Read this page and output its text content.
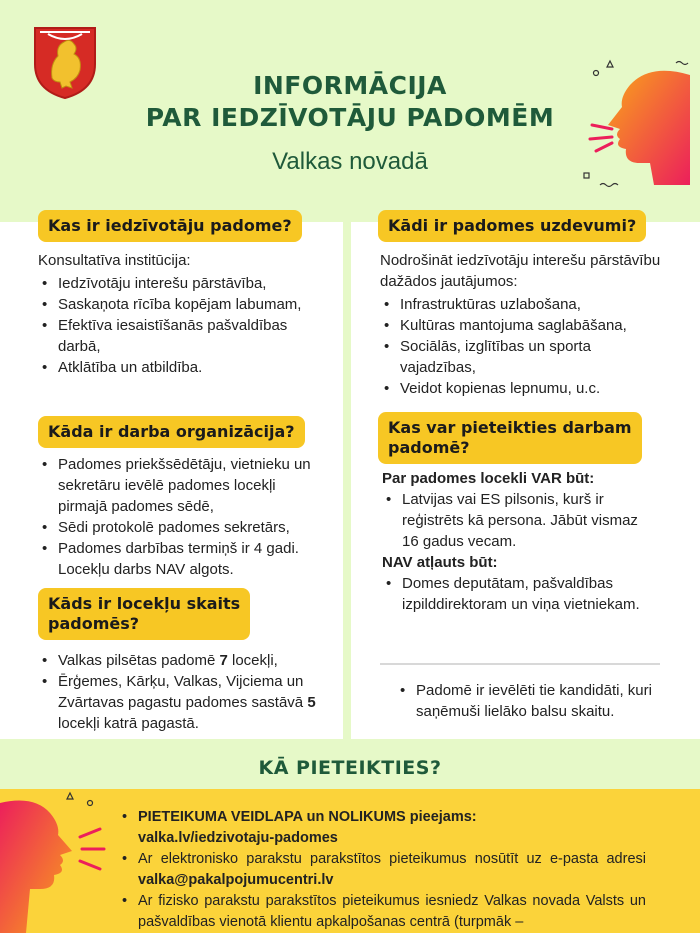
INFORMĀCIJA
PAR IEDZĪVOTĀJU PADOMĒM
Valkas novadā
Kas ir iedzīvotāju padome?
Konsultatīva institūcija:
• Iedzīvotāju interešu pārstāvība,
• Saskaņota rīcība kopējam labumam,
• Efektīva iesaistīšanās pašvaldības darbā,
• Atklātība un atbildība.
Kāda ir darba organizācija?
• Padomes priekšsēdētāju, vietnieku un sekretāru ievēlē padomes locekļi pirmajā padomes sēdē,
• Sēdi protokolē padomes sekretārs,
• Padomes darbības termiņš ir 4 gadi. Locekļu darbs NAV algots.
Kāds ir locekļu skaits
padomēs?
• Valkas pilsētas padomē 7 locekļi,
• Ērģemes, Kārķu, Valkas, Vijciema un Zvārtavas pagastu padomes sastāvā 5 locekļi katrā pagastā.
Kādi ir padomes uzdevumi?
Nodrošināt iedzīvotāju interešu pārstāvību dažādos jautājumos:
• Infrastruktūras uzlabošana,
• Kultūras mantojuma saglabāšana,
• Sociālās, izglītības un sporta vajadzības,
• Veidot kopienas lepnumu, u.c.
Kas var pieteikties darbam
padomē?
Par padomes locekli VAR būt:
• Latvijas vai ES pilsonis, kurš ir reģistrēts kā persona. Jābūt vismaz 16 gadus vecam.
NAV atļauts būt:
• Domes deputātam, pašvaldības izpilddirektoram un viņa vietniekam.
• Padomē ir ievēlēti tie kandidāti, kuri saņēmuši lielāko balsu skaitu.
KĀ PIETEIKTIES?
• PIETEIKUMA VEIDLAPA un NOLIKUMS pieejams:
valka.lv/iedzivotaju-padomes
• Ar elektronisko parakstu parakstītos pieteikumus nosūtīt uz e-pasta adresi valka@pakalpojumucentri.lv
• Ar fizisko parakstu parakstītos pieteikumus iesniedz Valkas novada Valsts un pašvaldības vienotā klientu apkalpošanas centrā (turpmāk –
